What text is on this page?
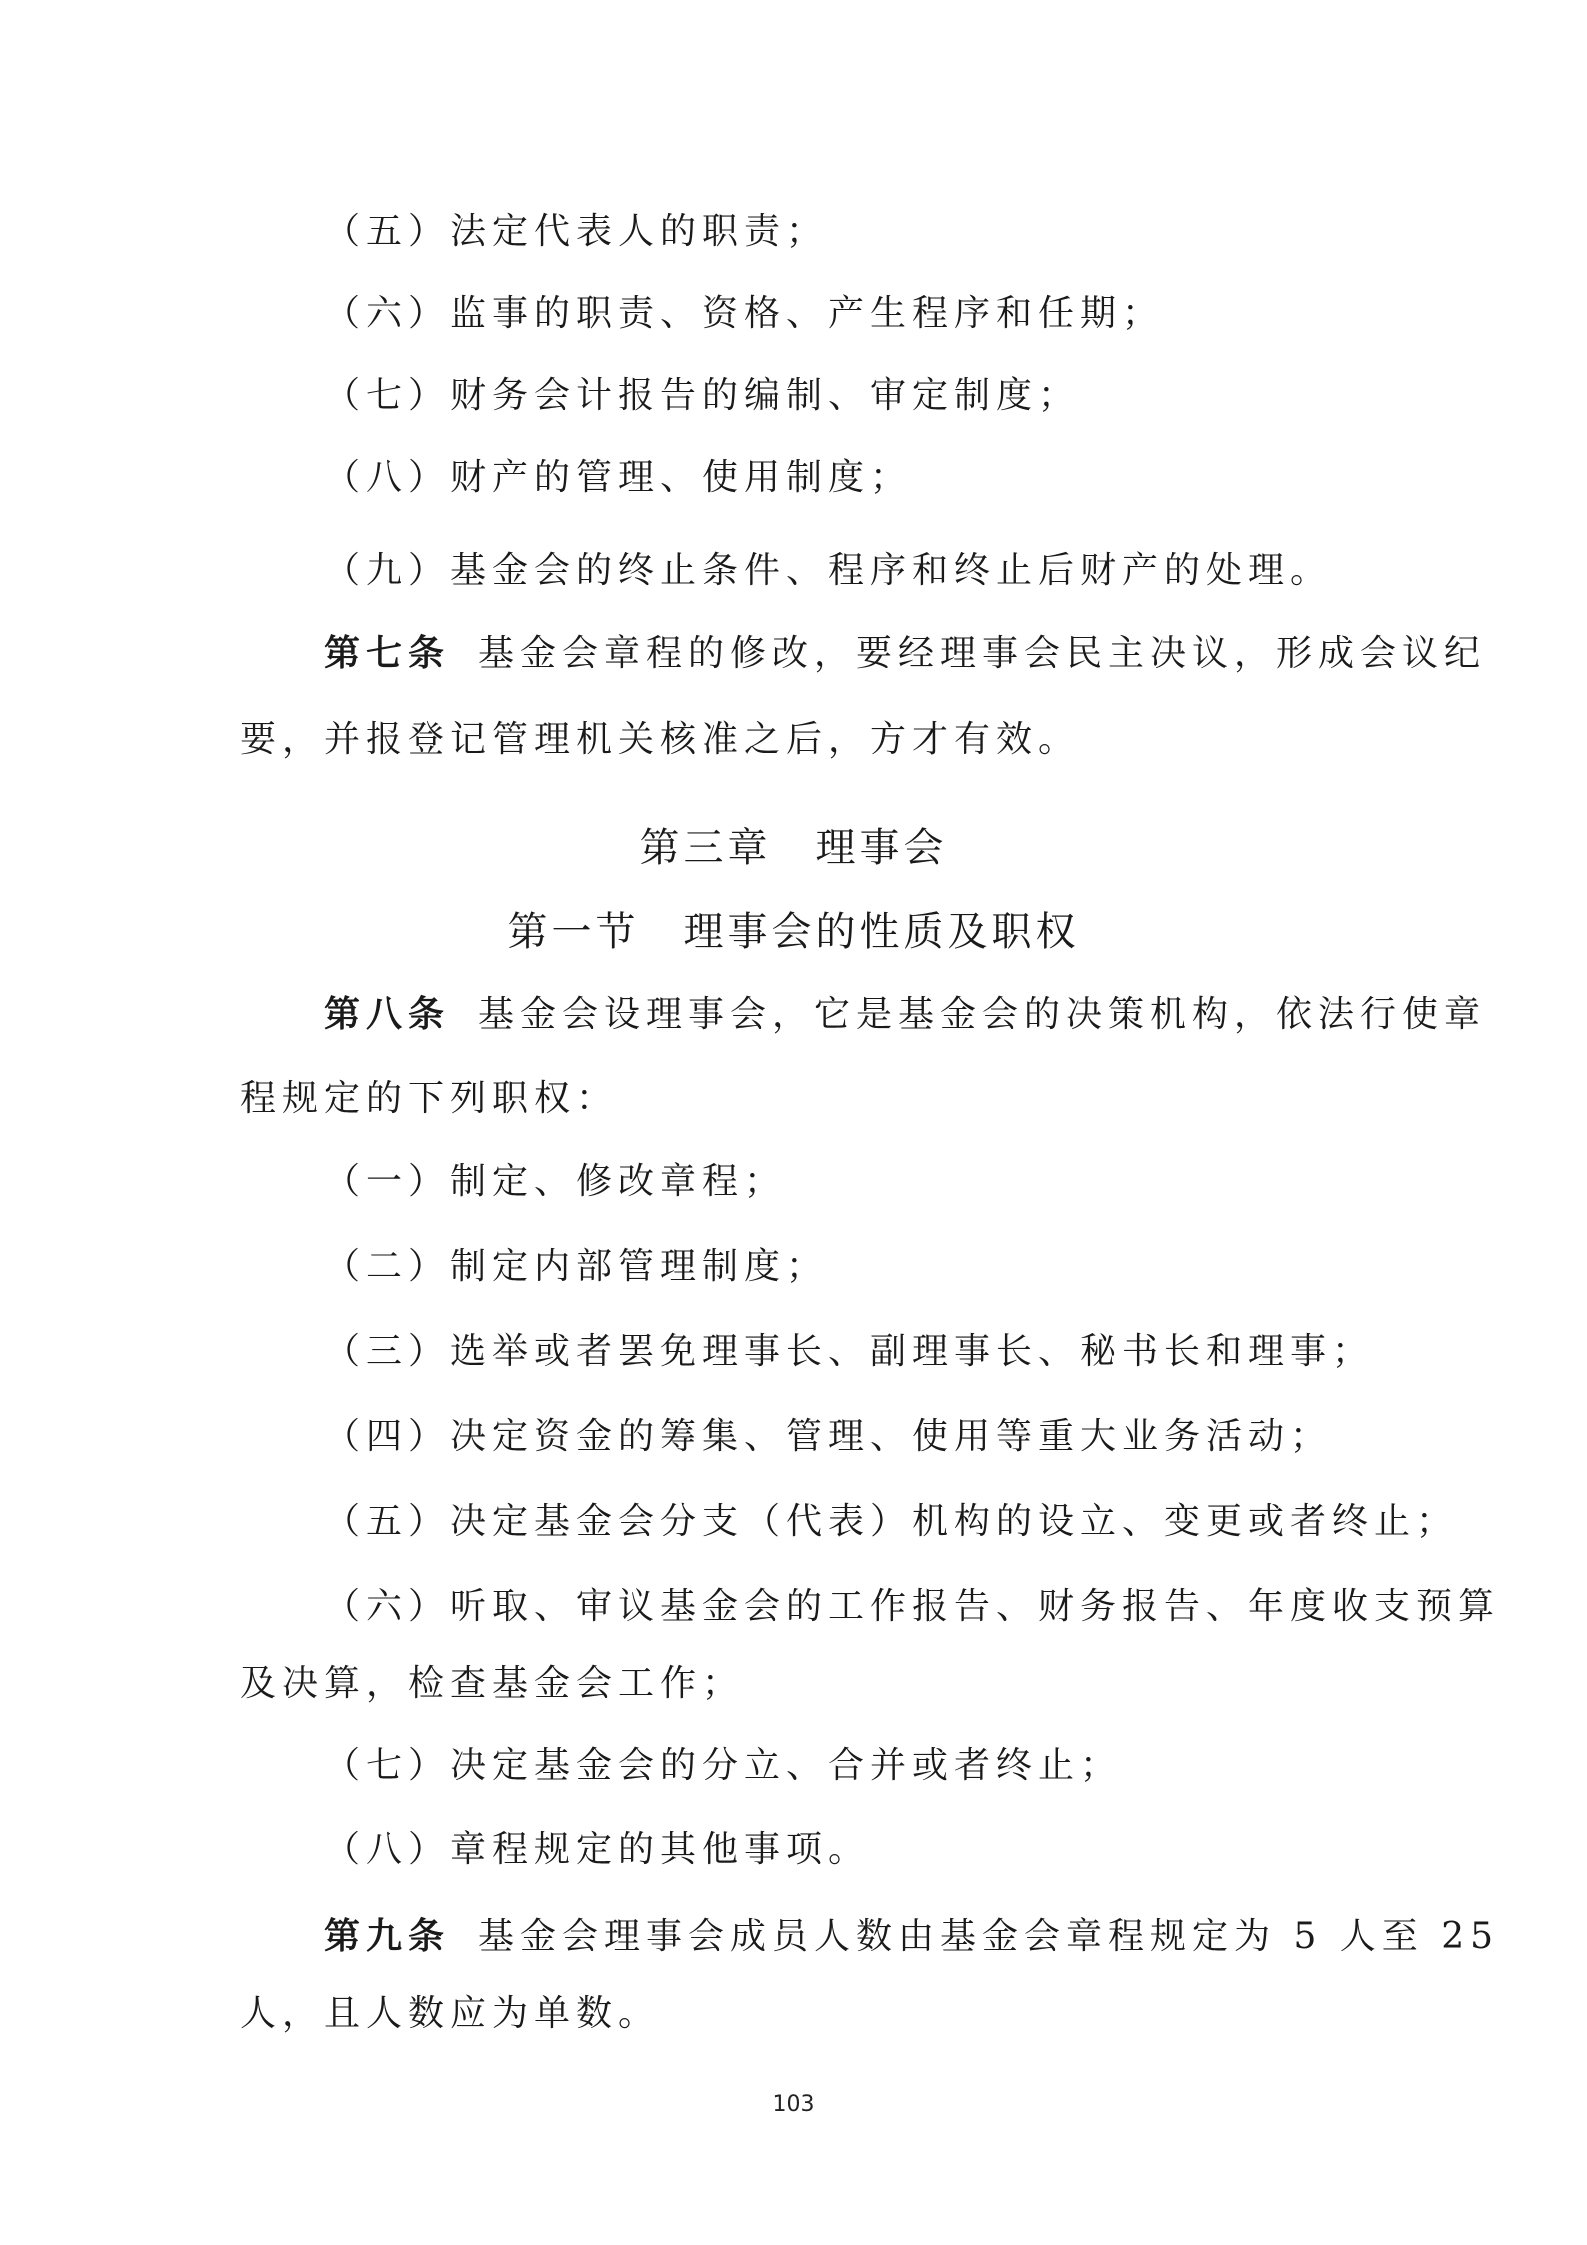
（五）法定代表人的职责；
（六）监事的职责、资格、产生程序和任期；
（七）财务会计报告的编制、审定制度；
（八）财产的管理、使用制度；
（九）基金会的终止条件、程序和终止后财产的处理。
第七条 基金会章程的修改，要经理事会民主决议，形成会议纪
要，并报登记管理机关核准之后，方才有效。
第三章　理事会
第一节　理事会的性质及职权
第八条 基金会设理事会，它是基金会的决策机构，依法行使章
程规定的下列职权：
（一）制定、修改章程；
（二）制定内部管理制度；
（三）选举或者罢免理事长、副理事长、秘书长和理事；
（四）决定资金的筹集、管理、使用等重大业务活动；
（五）决定基金会分支（代表）机构的设立、变更或者终止；
（六）听取、审议基金会的工作报告、财务报告、年度收支预算
及决算，检查基金会工作；
（七）决定基金会的分立、合并或者终止；
（八）章程规定的其他事项。
第九条 基金会理事会成员人数由基金会章程规定为 5 人至 25
人，且人数应为单数。
103
